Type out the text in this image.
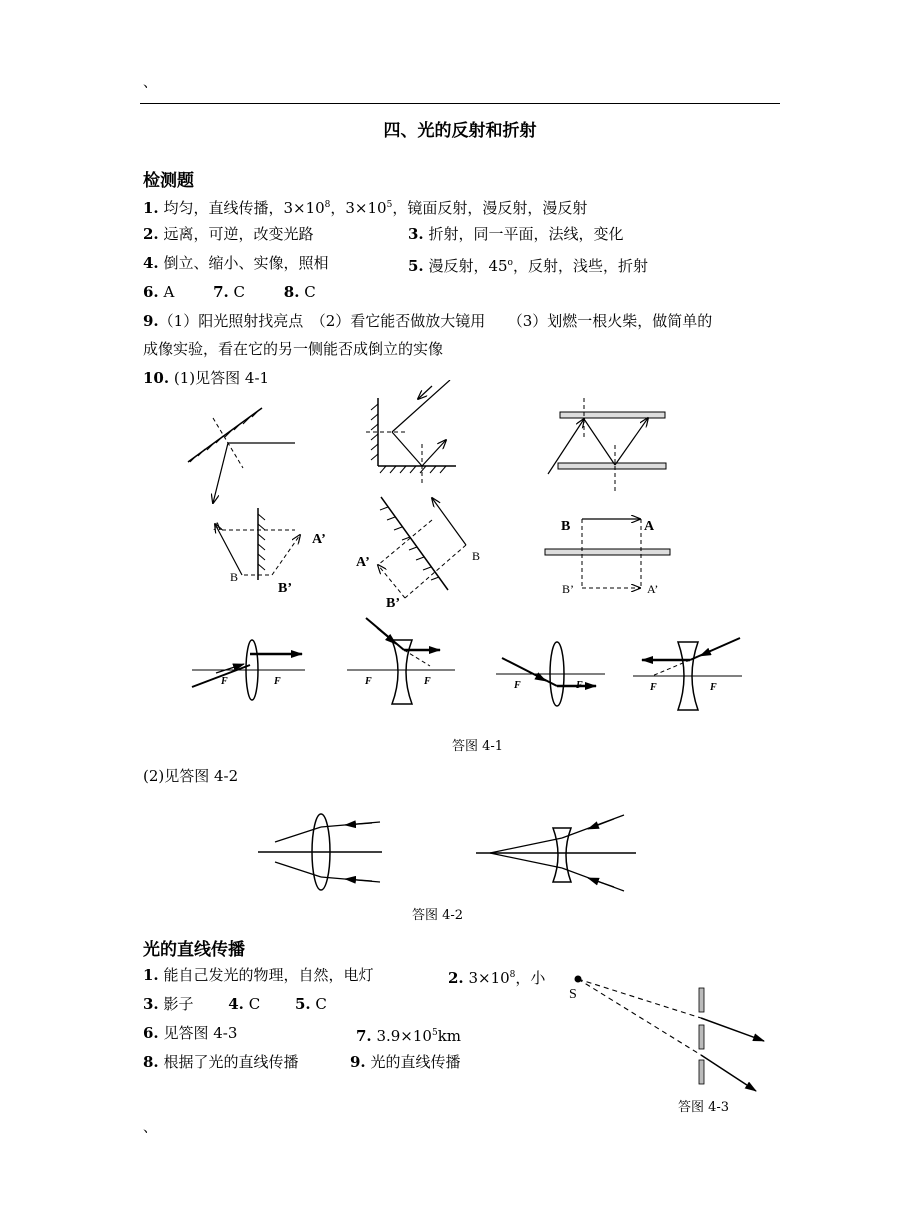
、
四、光的反射和折射
检测题
1. 均匀，直线传播，$3\times 10^8$，$3\times 10^5$，镜面反射，漫反射，漫反射
2. 远离，可逆，改变光路	3. 折射，同一平面，法线，变化
4. 倒立、缩小、实像，照相	5. 漫反射，45$^o$，反射，浅些，折射
6. A	7. C	8. C
9.（1）阳光照射找亮点　（2）看它能否做放大镜用　　（3）划燃一根火柴，做简单的
成像实验，看在它的另一侧能否成倒立的实像
10. (1)见答图 4-1
A
B
A’
B’
B
A’
B’
B	A
B’	A’
F	F	F	F	F	F	F	F
答图 4-1
(2)见答图 4-2
答图 4-2
光的直线传播
1. 能自己发光的物理，自然，电灯	2. $3\times 10^8$，小
3. 影子 4. C 5. C
6. 见答图 4-3	7. $3.9\times 10^5km$
8. 根据了光的直线传播	9. 光的直线传播
S
答图 4-3
、
